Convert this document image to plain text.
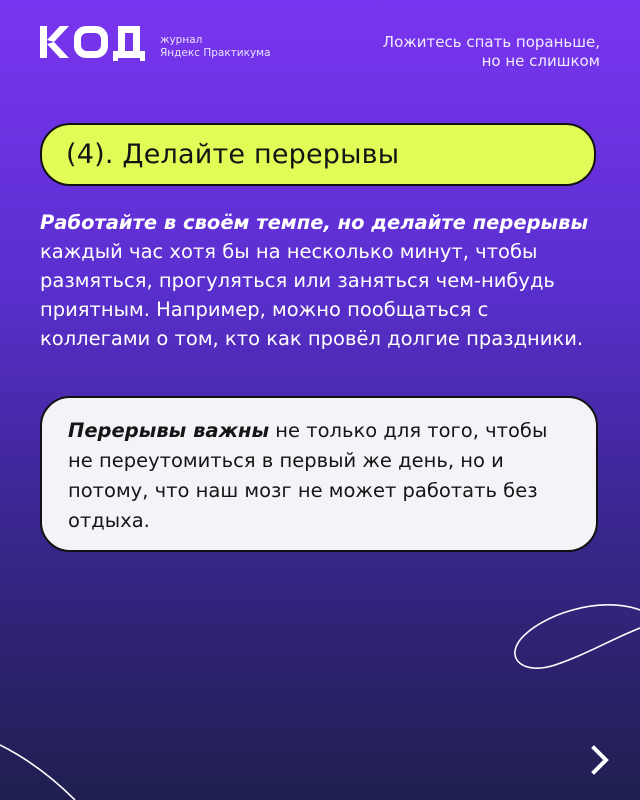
журнал
Яндекс Практикума
Ложитесь спать пораньше,
но не слишком
(4). Делайте перерывы

Работайте в своём темпе, но делайте перерывы каждый час хотя бы на несколько минут, чтобы размяться, прогуляться или заняться чем-нибудь приятным. Например, можно пообщаться с коллегами о том, кто как провёл долгие праздники.

Перерывы важны не только для того, чтобы не переутомиться в первый же день, но и потому, что наш мозг не может работать без отдыха.
